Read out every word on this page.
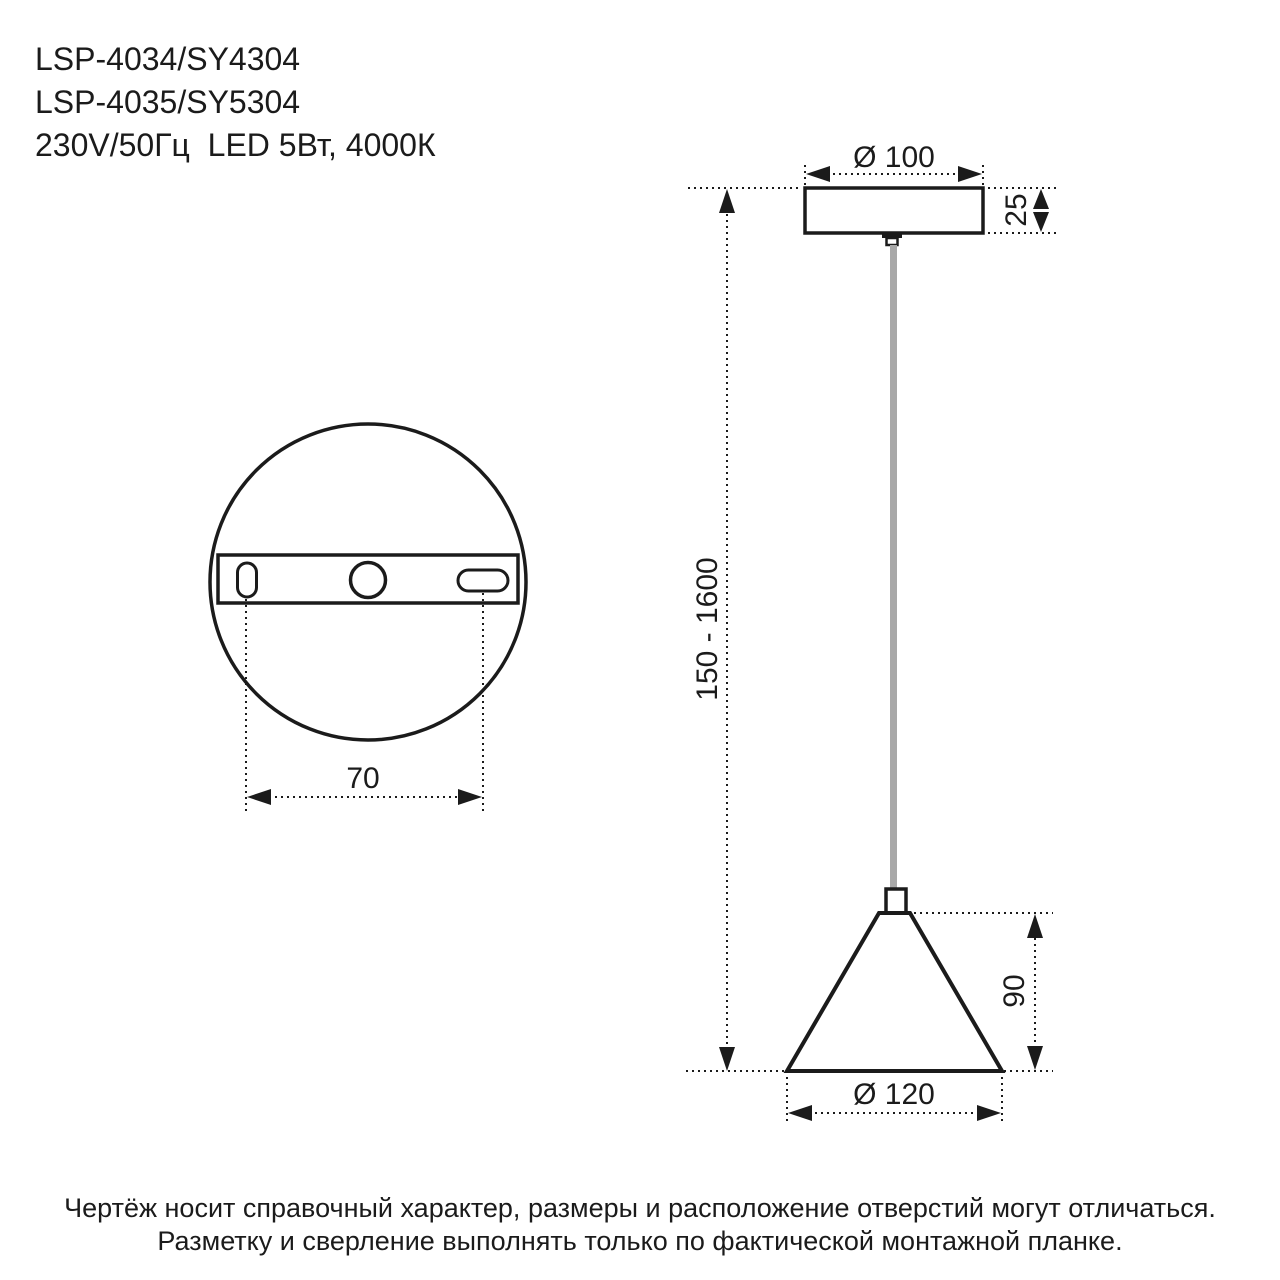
LSP-4034/SY4304
LSP-4035/SY5304
230V/50Гц  LED 5Вт, 4000К
70
Ø 100
25
150 - 1600
90
Ø 120
Чертёж носит справочный характер, размеры и расположение отверстий могут отличаться.
Разметку и сверление выполнять только по фактической монтажной планке.
